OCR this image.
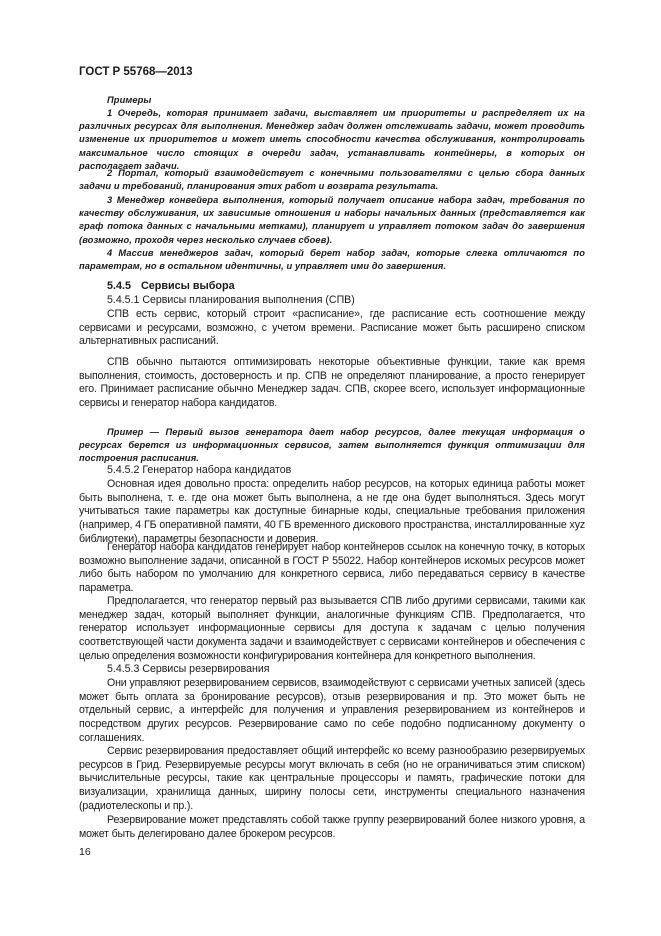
ГОСТ Р 55768—2013
Примеры

1 Очередь, которая принимает задачи, выставляет им приоритеты и распределяет их на различных ресурсах для выполнения. Менеджер задач должен отслеживать задачи, может проводить изменение их приоритетов и может иметь способности качества обслуживания, контролировать максимальное число стоящих в очереди задач, устанавливать контейнеры, в которых он располагает задачи.

2 Портал, который взаимодействует с конечными пользователями с целью сбора данных задачи и требований, планирования этих работ и возврата результата.

3 Менеджер конвейера выполнения, который получает описание набора задач, требования по качеству обслуживания, их зависимые отношения и наборы начальных данных (представляется как граф потока данных с начальными метками), планирует и управляет потоком задач до завершения (возможно, проходя через несколько случаев сбоев).

4 Массив менеджеров задач, который берет набор задач, которые слегка отличаются по параметрам, но в остальном идентичны, и управляет ими до завершения.

5.4.5 Сервисы выбора
5.4.5.1 Сервисы планирования выполнения (СПВ)

СПВ есть сервис, который строит «расписание», где расписание есть соотношение между сервисами и ресурсами, возможно, с учетом времени. Расписание может быть расширено списком альтернативных расписаний.

СПВ обычно пытаются оптимизировать некоторые объективные функции, такие как время выполнения, стоимость, достоверность и пр. СПВ не определяют планирование, а просто генерирует его. Принимает расписание обычно Менеджер задач. СПВ, скорее всего, использует информационные сервисы и генератор набора кандидатов.

Пример — Первый вызов генератора дает набор ресурсов, далее текущая информация о ресурсах берется из информационных сервисов, затем выполняется функция оптимизации для построения расписания.

5.4.5.2 Генератор набора кандидатов

Основная идея довольно проста: определить набор ресурсов, на которых единица работы может быть выполнена, т. е. где она может быть выполнена, а не где она будет выполняться. Здесь могут учитываться такие параметры как доступные бинарные коды, специальные требования приложения (например, 4 ГБ оперативной памяти, 40 ГБ временного дискового пространства, инсталлированные xyz библиотеки), параметры безопасности и доверия.

Генератор набора кандидатов генерирует набор контейнеров ссылок на конечную точку, в которых возможно выполнение задачи, описанной в ГОСТ Р 55022. Набор контейнеров искомых ресурсов может либо быть набором по умолчанию для конкретного сервиса, либо передаваться сервису в качестве параметра.

Предполагается, что генератор первый раз вызывается СПВ либо другими сервисами, такими как менеджер задач, который выполняет функции, аналогичные функциям СПВ. Предполагается, что генератор использует информационные сервисы для доступа к задачам с целью получения соответствующей части документа задачи и взаимодействует с сервисами контейнеров и обеспечения с целью определения возможности конфигурирования контейнера для конкретного выполнения.

5.4.5.3 Сервисы резервирования

Они управляют резервированием сервисов, взаимодействуют с сервисами учетных записей (здесь может быть оплата за бронирование ресурсов), отзыв резервирования и пр. Это может быть не отдельный сервис, а интерфейс для получения и управления резервированием из контейнеров и посредством других ресурсов. Резервирование само по себе подобно подписанному документу о соглашениях.

Сервис резервирования предоставляет общий интерфейс ко всему разнообразию резервируемых ресурсов в Грид. Резервируемые ресурсы могут включать в себя (но не ограничиваться этим списком) вычислительные ресурсы, такие как центральные процессоры и память, графические потоки для визуализации, хранилища данных, ширину полосы сети, инструменты специального назначения (радиотелескопы и пр.).

Резервирование может представлять собой также группу резервирований более низкого уровня, а может быть делегировано далее брокером ресурсов.

16
